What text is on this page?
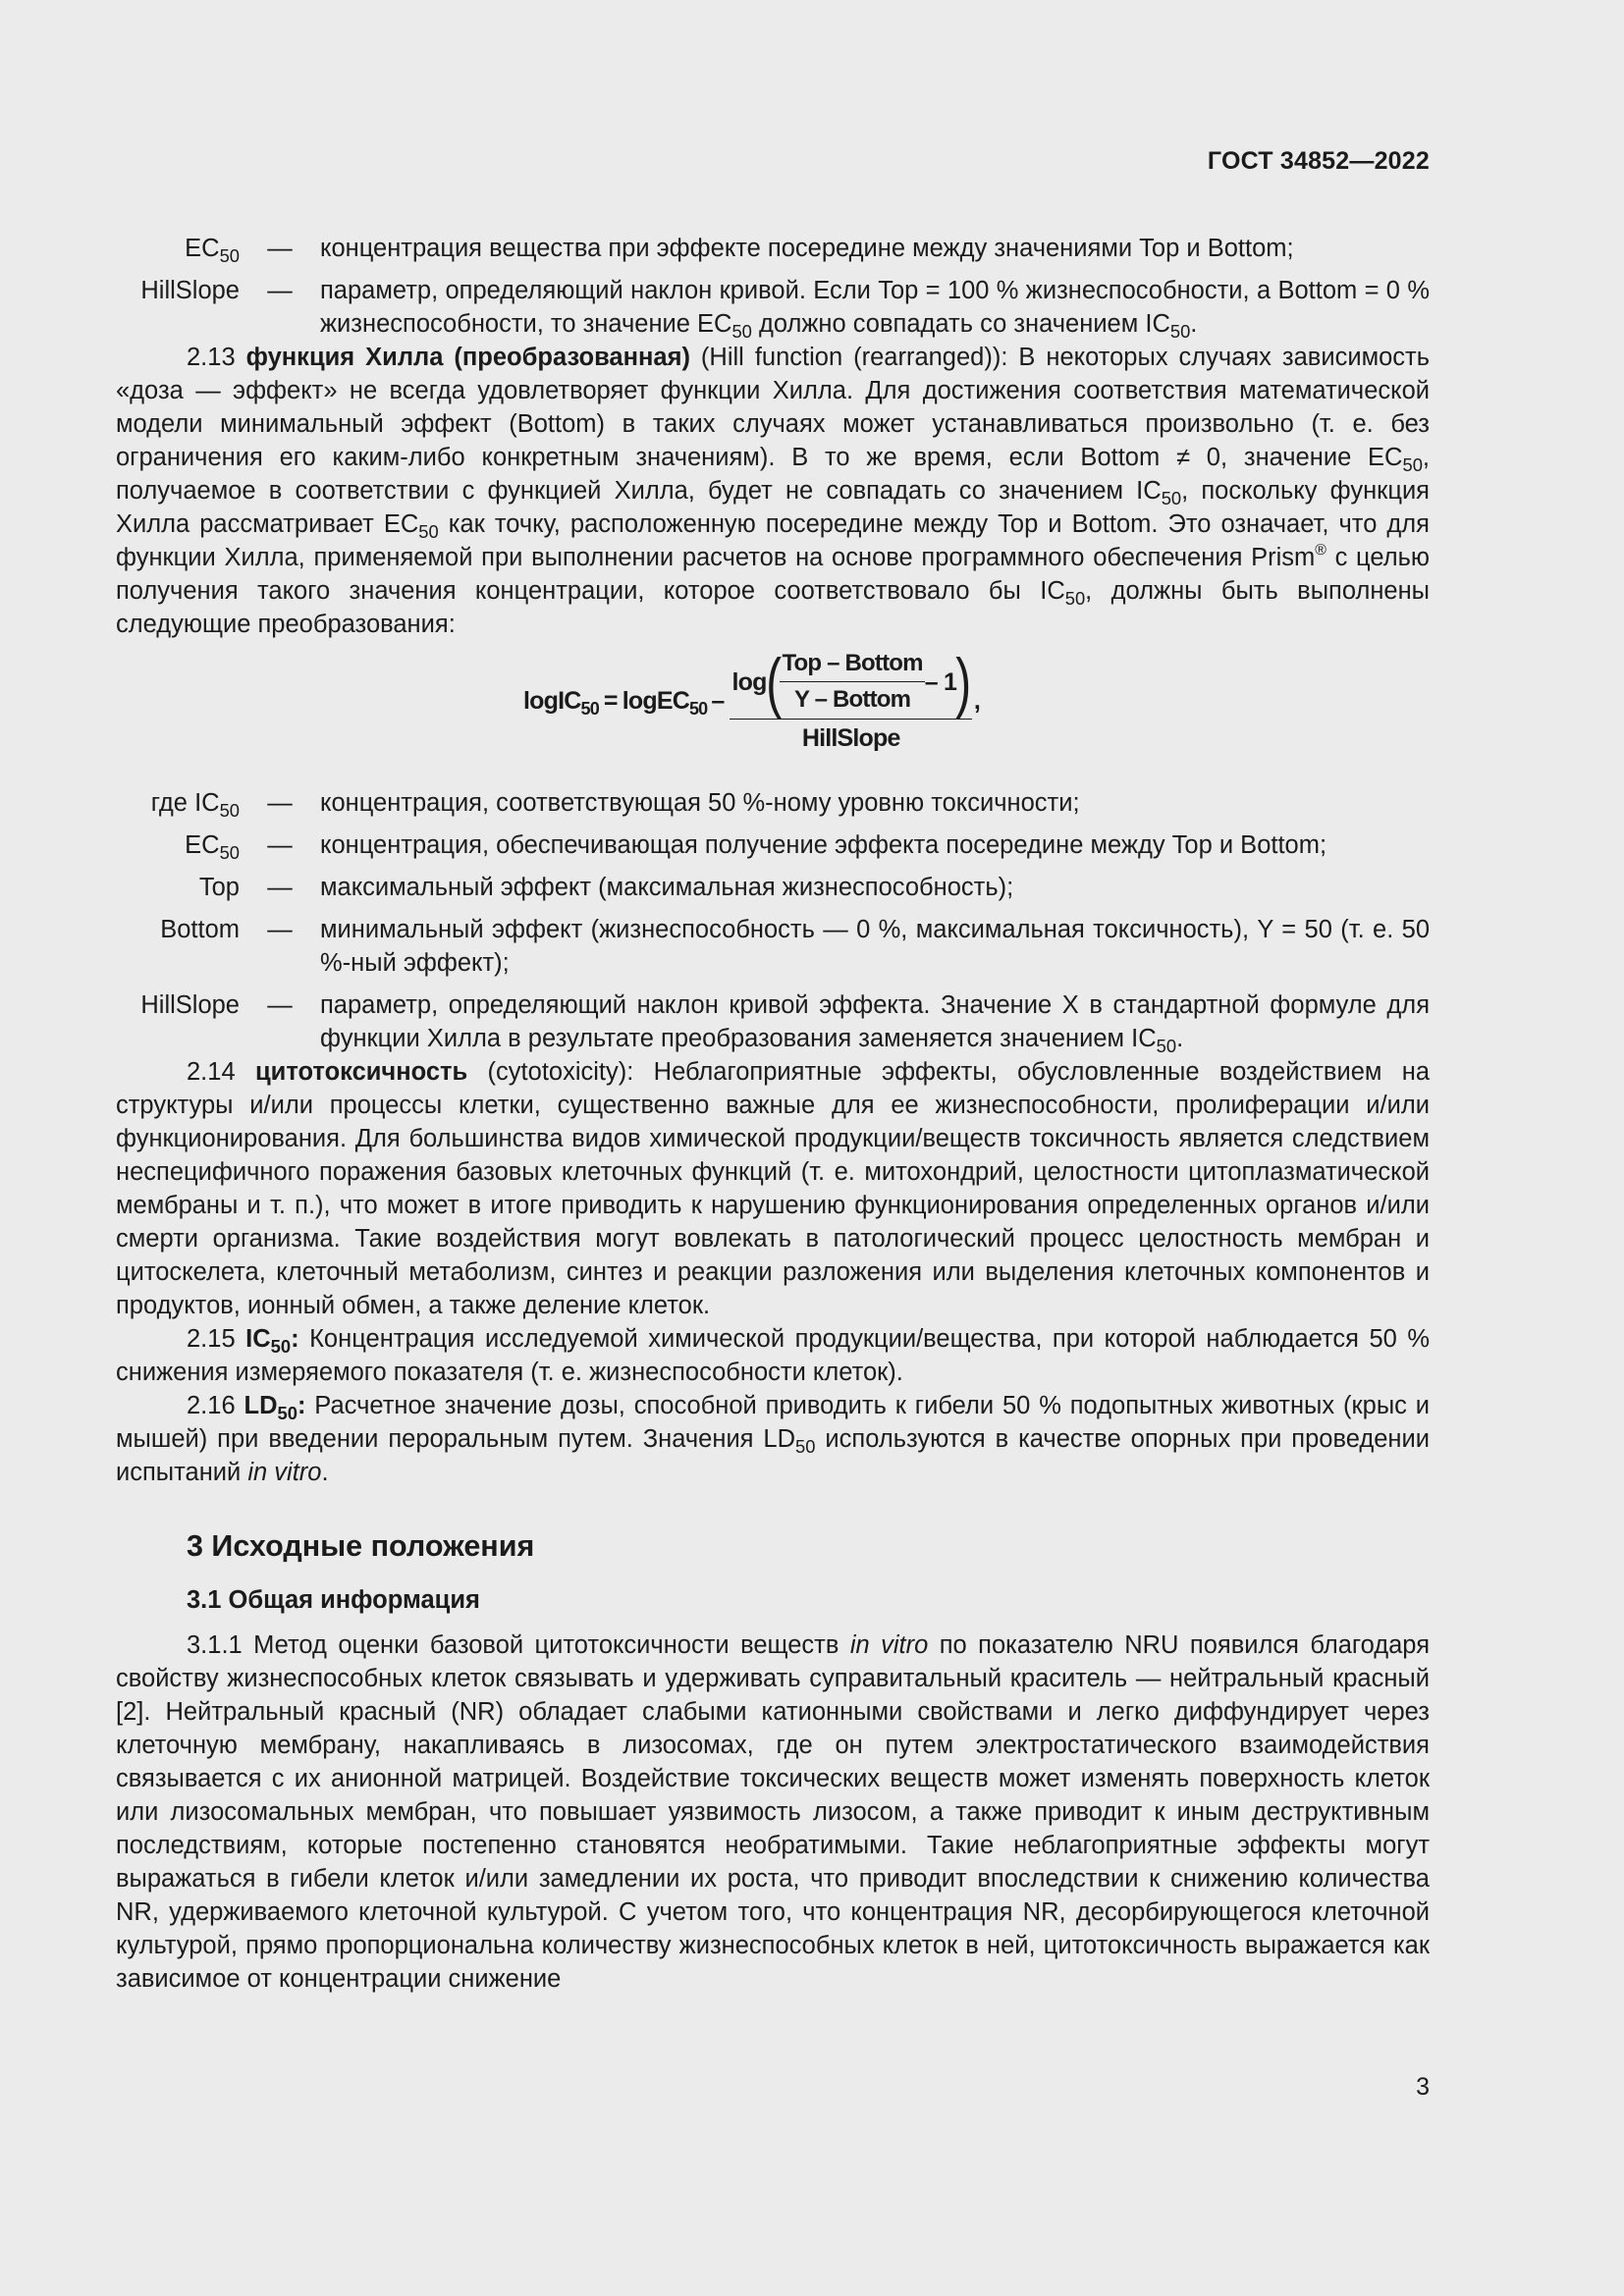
ГОСТ 34852—2022
$EC_{50}$	—	концентрация вещества при эффекте посередине между значениями Top и Bottom;
HillSlope	—	параметр, определяющий наклон кривой. Если Top = 100 % жизнеспособности, а Bottom = 0 % жизнеспособности, то значение $EC_{50}$ должно совпадать со значением $IC_{50}$.

2.13 функция Хилла (преобразованная) (Hill function (rearranged)): В некоторых случаях зависимость «доза — эффект» не всегда удовлетворяет функции Хилла. Для достижения соответствия математической модели минимальный эффект (Bottom) в таких случаях может устанавливаться произвольно (т. е. без ограничения его каким-либо конкретным значениям). В то же время, если Bottom ≠ 0, значение $EC_{50}$, получаемое в соответствии с функцией Хилла, будет не совпадать со значением $IC_{50}$, поскольку функция Хилла рассматривает $EC_{50}$ как точку, расположенную посередине между Top и Bottom. Это означает, что для функции Хилла, применяемой при выполнении расчетов на основе программного обеспечения Prism® с целью получения такого значения концентрации, которое соответствовало бы $IC_{50}$, должны быть выполнены следующие преобразования:

logIC$_{50}$ = logEC$_{50}$ –
log ( $\frac{\text{Top – Bottom}}{\text{Y – Bottom}} - 1$ )
HillSlope
,
где $IC_{50}$	—	концентрация, соответствующая 50 %-ному уровню токсичности;
$EC_{50}$	—	концентрация, обеспечивающая получение эффекта посередине между Top и Bottom;
Top	—	максимальный эффект (максимальная жизнеспособность);
Bottom	—	минимальный эффект (жизнеспособность — 0 %, максимальная токсичность), Y = 50 (т. е. 50 %-ный эффект);
HillSlope	—	параметр, определяющий наклон кривой эффекта. Значение X в стандартной формуле для функции Хилла в результате преобразования заменяется значением $IC_{50}$.

2.14 цитотоксичность (cytotoxicity): Неблагоприятные эффекты, обусловленные воздействием на структуры и/или процессы клетки, существенно важные для ее жизнеспособности, пролиферации и/или функционирования. Для большинства видов химической продукции/веществ токсичность является следствием неспецифичного поражения базовых клеточных функций (т. е. митохондрий, целостности цитоплазматической мембраны и т. п.), что может в итоге приводить к нарушению функционирования определенных органов и/или смерти организма. Такие воздействия могут вовлекать в патологический процесс целостность мембран и цитоскелета, клеточный метаболизм, синтез и реакции разложения или выделения клеточных компонентов и продуктов, ионный обмен, а также деление клеток.

2.15 $IC_{50}$: Концентрация исследуемой химической продукции/вещества, при которой наблюдается 50 % снижения измеряемого показателя (т. е. жизнеспособности клеток).

2.16 $LD_{50}$: Расчетное значение дозы, способной приводить к гибели 50 % подопытных животных (крыс и мышей) при введении пероральным путем. Значения $LD_{50}$ используются в качестве опорных при проведении испытаний in vitro.

3 Исходные положения
3.1 Общая информация

3.1.1 Метод оценки базовой цитотоксичности веществ in vitro по показателю NRU появился благодаря свойству жизнеспособных клеток связывать и удерживать суправитальный краситель — нейтральный красный [2]. Нейтральный красный (NR) обладает слабыми катионными свойствами и легко диффундирует через клеточную мембрану, накапливаясь в лизосомах, где он путем электростатического взаимодействия связывается с их анионной матрицей. Воздействие токсических веществ может изменять поверхность клеток или лизосомальных мембран, что повышает уязвимость лизосом, а также приводит к иным деструктивным последствиям, которые постепенно становятся необратимыми. Такие неблагоприятные эффекты могут выражаться в гибели клеток и/или замедлении их роста, что приводит впоследствии к снижению количества NR, удерживаемого клеточной культурой. С учетом того, что концентрация NR, десорбирующегося клеточной культурой, прямо пропорциональна количеству жизнеспособных клеток в ней, цитотоксичность выражается как зависимое от концентрации снижение

3
